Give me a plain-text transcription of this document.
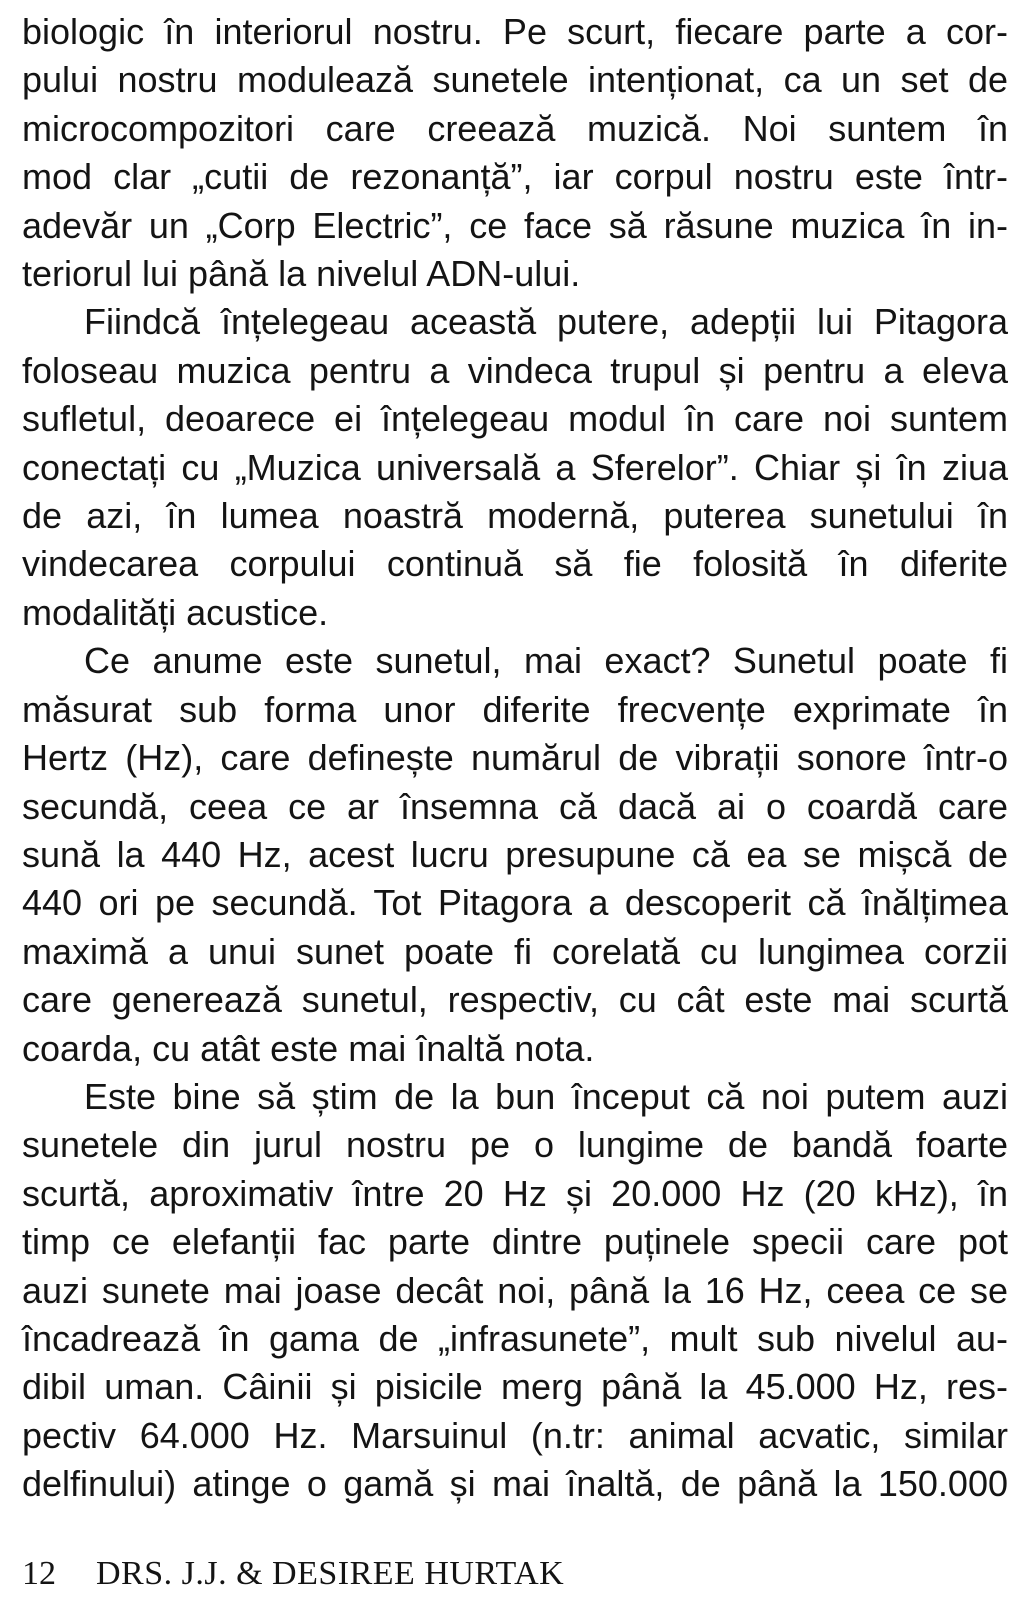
biologic în interiorul nostru. Pe scurt, fiecare parte a cor-
pului nostru modulează sunetele intenționat, ca un set de
microcompozitori care creează muzică. Noi suntem în
mod clar „cutii de rezonanță”, iar corpul nostru este într-
adevăr un „Corp Electric”, ce face să răsune muzica în in-
teriorul lui până la nivelul ADN-ului.

Fiindcă înțelegeau această putere, adepții lui Pitagora
foloseau muzica pentru a vindeca trupul și pentru a eleva
sufletul, deoarece ei înțelegeau modul în care noi suntem
conectați cu „Muzica universală a Sferelor”. Chiar și în ziua
de azi, în lumea noastră modernă, puterea sunetului în
vindecarea corpului continuă să fie folosită în diferite
modalități acustice.

Ce anume este sunetul, mai exact? Sunetul poate fi
măsurat sub forma unor diferite frecvențe exprimate în
Hertz (Hz), care definește numărul de vibrații sonore într-o
secundă, ceea ce ar însemna că dacă ai o coardă care
sună la 440 Hz, acest lucru presupune că ea se mișcă de
440 ori pe secundă. Tot Pitagora a descoperit că înălțimea
maximă a unui sunet poate fi corelată cu lungimea corzii
care generează sunetul, respectiv, cu cât este mai scurtă
coarda, cu atât este mai înaltă nota.

Este bine să știm de la bun început că noi putem auzi
sunetele din jurul nostru pe o lungime de bandă foarte
scurtă, aproximativ între 20 Hz și 20.000 Hz (20 kHz), în
timp ce elefanții fac parte dintre puținele specii care pot
auzi sunete mai joase decât noi, până la 16 Hz, ceea ce se
încadrează în gama de „infrasunete”, mult sub nivelul au-
dibil uman. Câinii și pisicile merg până la 45.000 Hz, res-
pectiv 64.000 Hz. Marsuinul (n.tr: animal acvatic, similar
delfinului) atinge o gamă și mai înaltă, de până la 150.000

12 DRS. J.J. & DESIREE HURTAK
